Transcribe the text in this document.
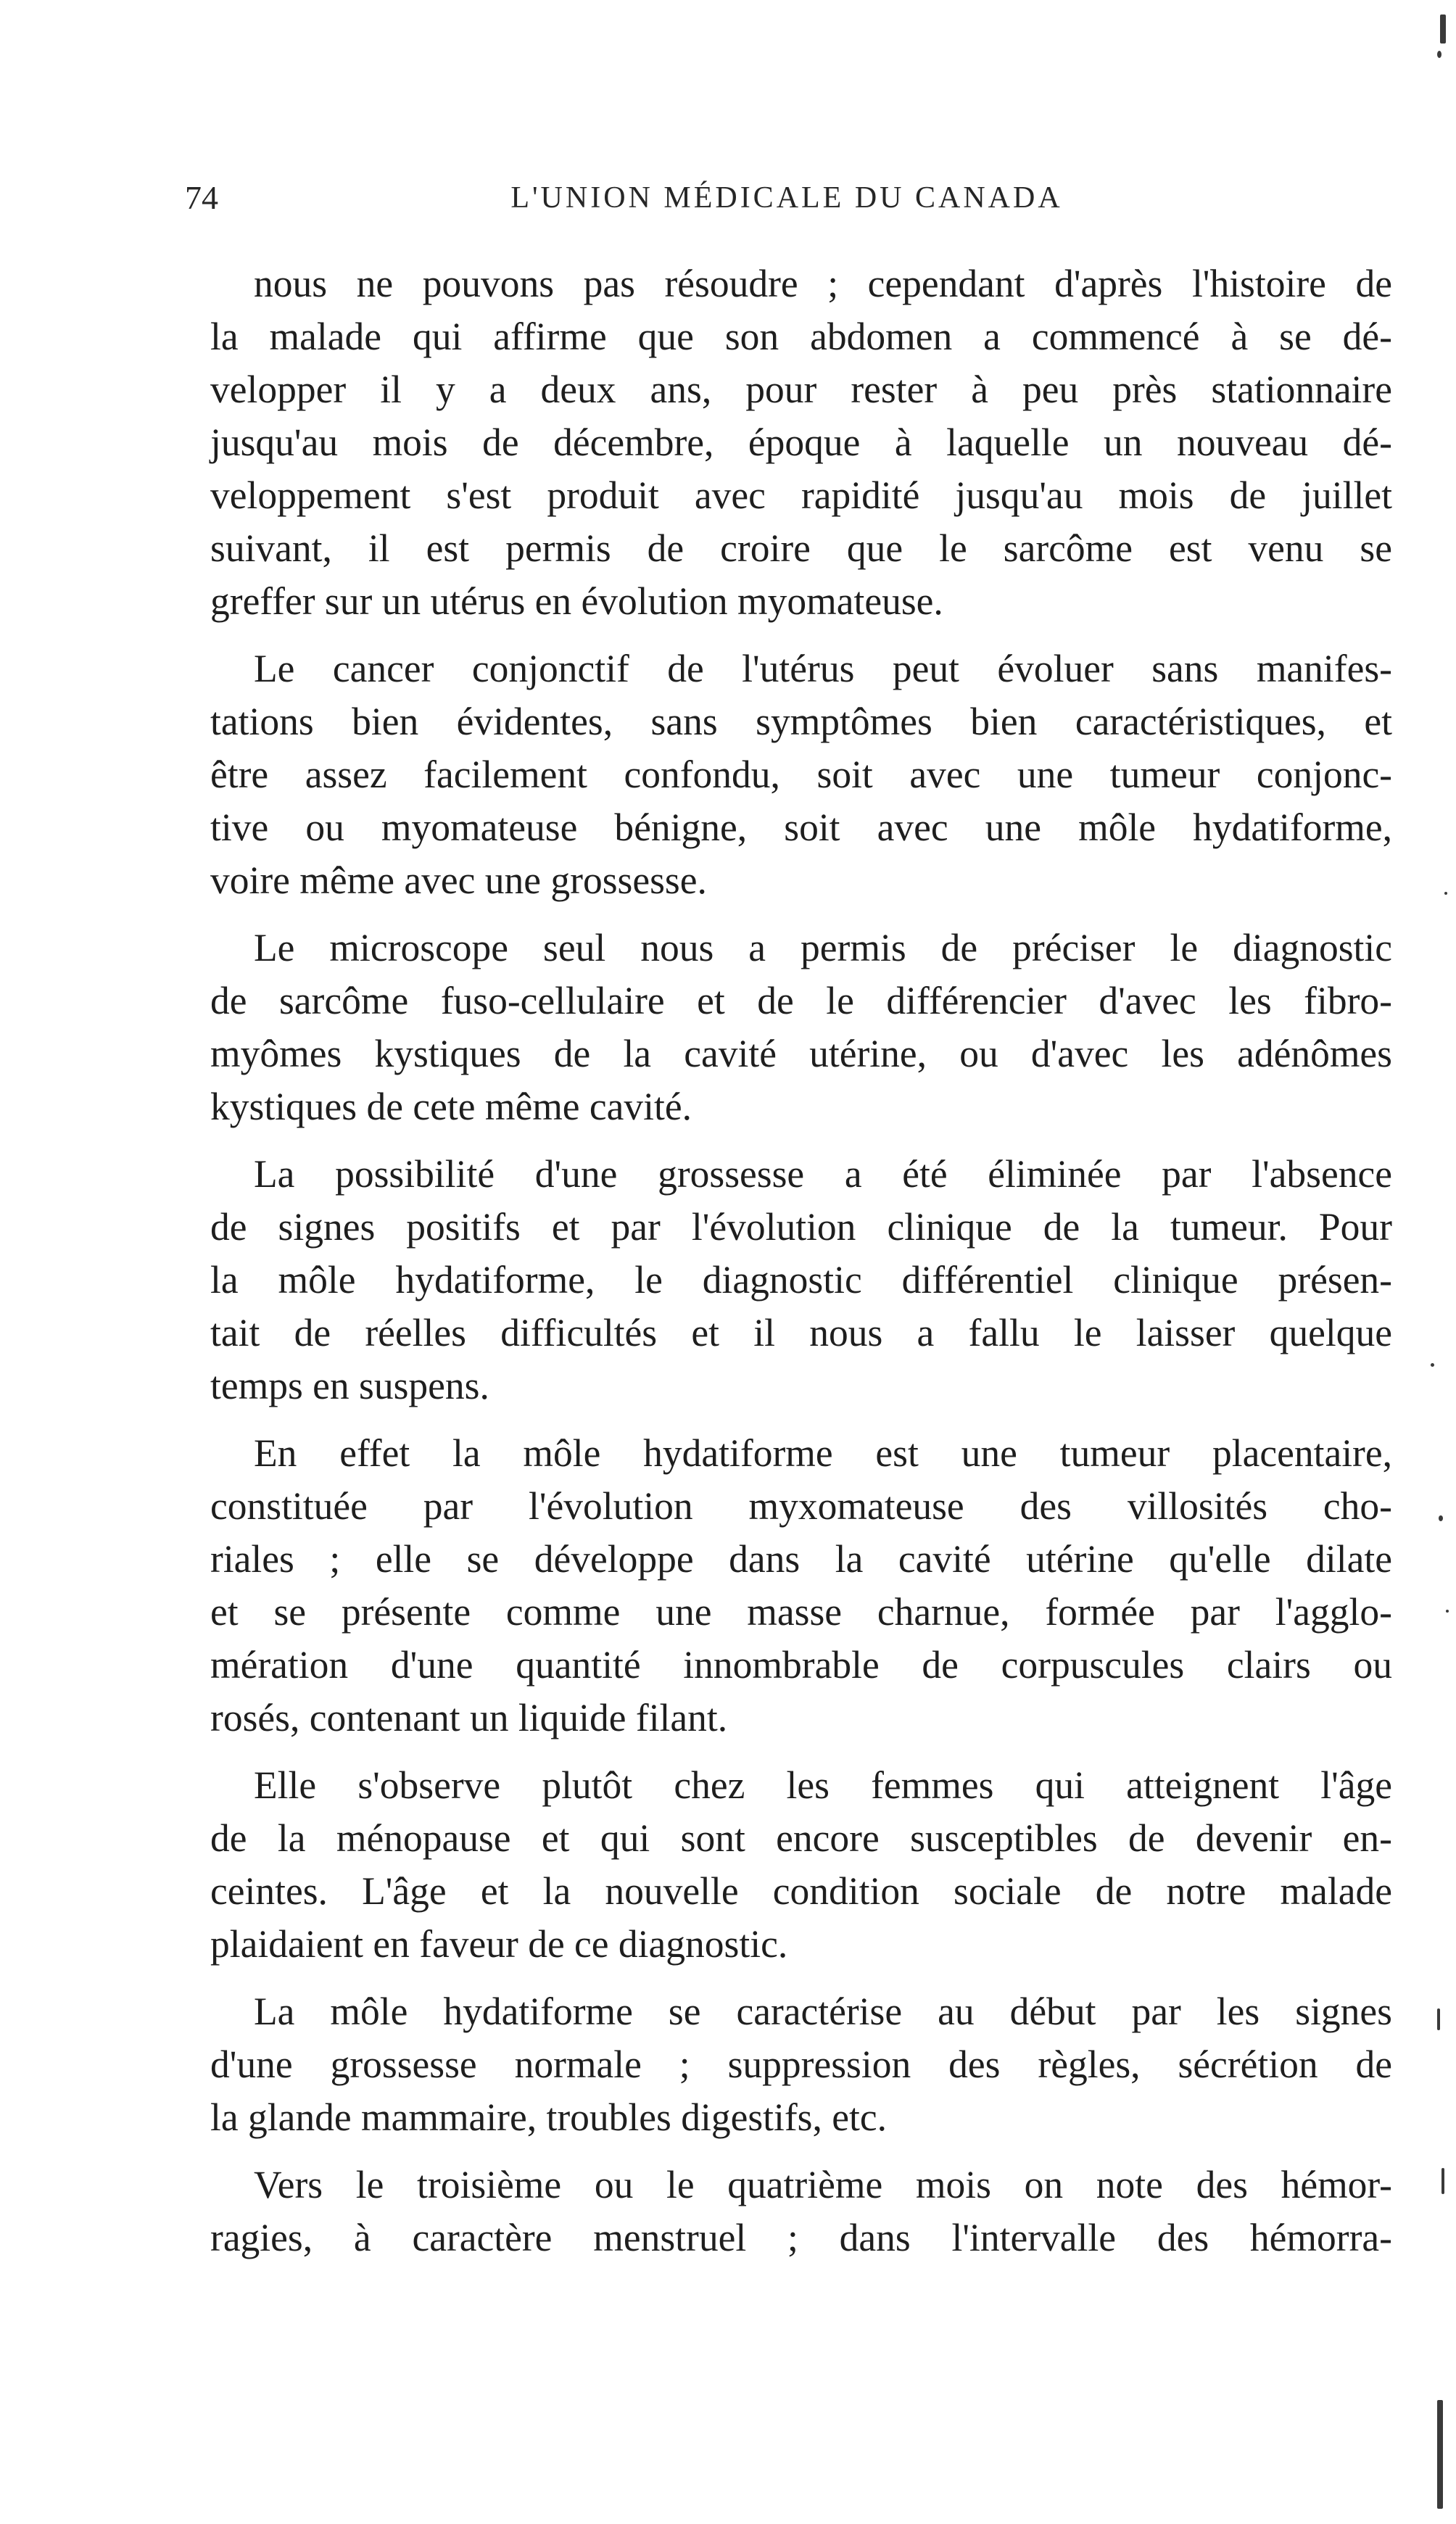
74	L'UNION MÉDICALE DU CANADA
nous ne pouvons pas résoudre ; cependant d'après l'histoire de
la malade qui affirme que son abdomen a commencé à se dé-
velopper il y a deux ans, pour rester à peu près stationnaire
jusqu'au mois de décembre, époque à laquelle un nouveau dé-
veloppement s'est produit avec rapidité jusqu'au mois de juillet
suivant, il est permis de croire que le sarcôme est venu se
greffer sur un utérus en évolution myomateuse.
Le cancer conjonctif de l'utérus peut évoluer sans manifes-
tations bien évidentes, sans symptômes bien caractéristiques, et
être assez facilement confondu, soit avec une tumeur conjonc-
tive ou myomateuse bénigne, soit avec une môle hydatiforme,
voire même avec une grossesse.
Le microscope seul nous a permis de préciser le diagnostic
de sarcôme fuso-cellulaire et de le différencier d'avec les fibro-
myômes kystiques de la cavité utérine, ou d'avec les adénômes
kystiques de cete même cavité.
La possibilité d'une grossesse a été éliminée par l'absence
de signes positifs et par l'évolution clinique de la tumeur. Pour
la môle hydatiforme, le diagnostic différentiel clinique présen-
tait de réelles difficultés et il nous a fallu le laisser quelque
temps en suspens.
En effet la môle hydatiforme est une tumeur placentaire,
constituée par l'évolution myxomateuse des villosités cho-
riales ; elle se développe dans la cavité utérine qu'elle dilate
et se présente comme une masse charnue, formée par l'agglo-
mération d'une quantité innombrable de corpuscules clairs ou
rosés, contenant un liquide filant.
Elle s'observe plutôt chez les femmes qui atteignent l'âge
de la ménopause et qui sont encore susceptibles de devenir en-
ceintes. L'âge et la nouvelle condition sociale de notre malade
plaidaient en faveur de ce diagnostic.
La môle hydatiforme se caractérise au début par les signes
d'une grossesse normale ; suppression des règles, sécrétion de
la glande mammaire, troubles digestifs, etc.
Vers le troisième ou le quatrième mois on note des hémor-
ragies, à caractère menstruel ; dans l'intervalle des hémorra-
